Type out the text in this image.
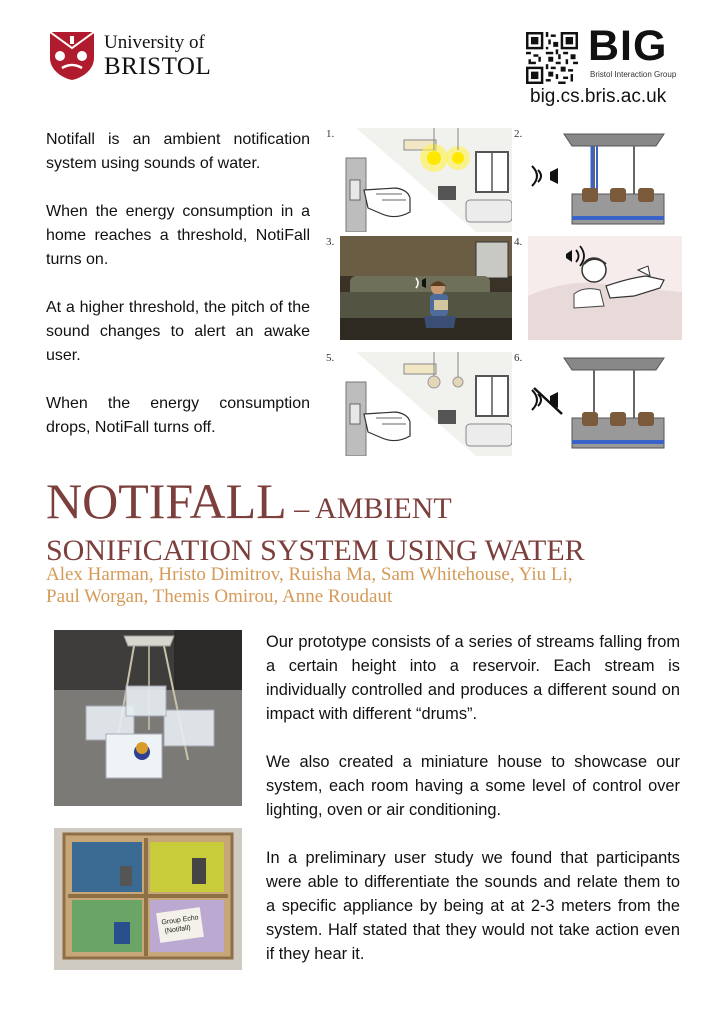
University of
BRISTOL	BIG
Bristol Interaction Group
big.cs.bris.ac.uk

Notifall is an ambient notification system using sounds of water.

When the energy consumption in a home reaches a threshold, NotiFall turns on.

At a higher threshold, the pitch of the sound changes to alert an awake user.

When the energy consumption drops, NotiFall turns off.

1.	2.
3.	4.
5.	6.
NOTIFALL – AMBIENT
SONIFICATION SYSTEM USING WATER
Alex Harman, Hristo Dimitrov, Ruisha Ma, Sam Whitehouse, Yiu Li,
Paul Worgan, Themis Omirou, Anne Roudaut
Group Echo
(Notifall)

Our prototype consists of a series of streams falling from a certain height into a reservoir. Each stream is individually controlled and produces a different sound on impact with different “drums”.

We also created a miniature house to showcase our system, each room having a some level of control over lighting, oven or air conditioning.

In a preliminary user study we found that participants were able to differentiate the sounds and relate them to a specific appliance by being at at 2-3 meters from the system. Half stated that they would not take action even if they hear it.
